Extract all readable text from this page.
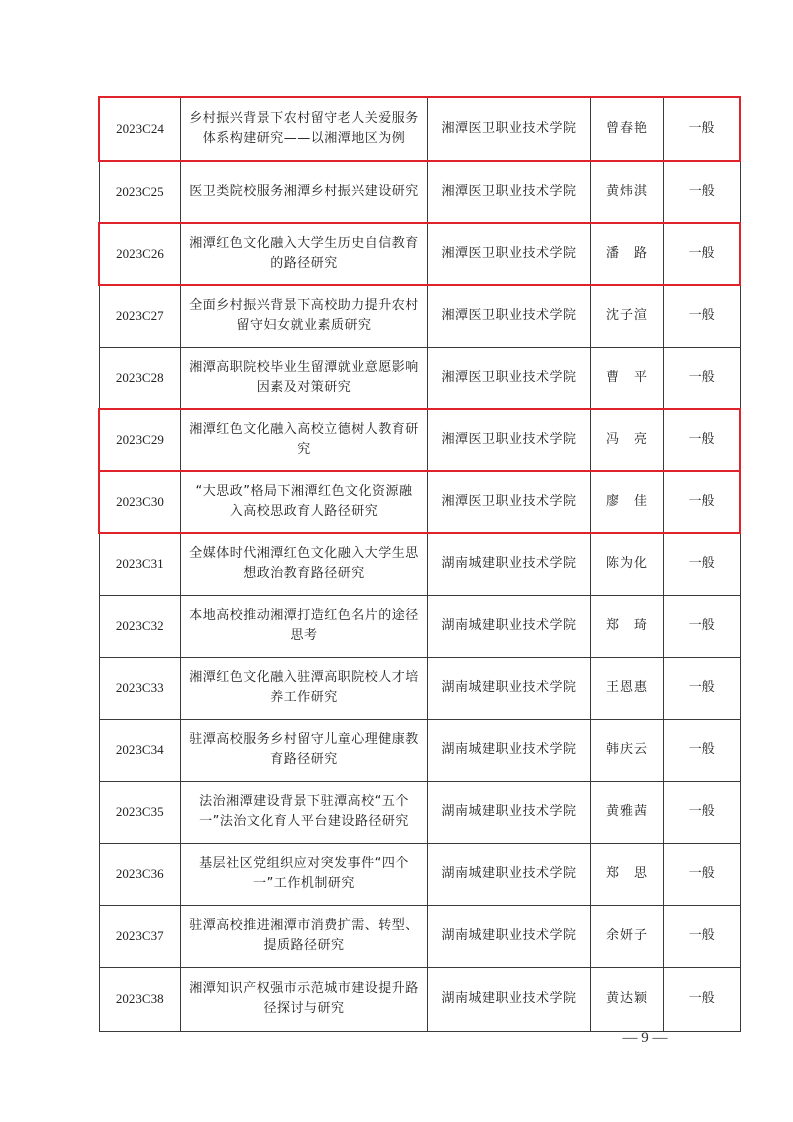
2023C24	乡村振兴背景下农村留守老人关爱服务体系构建研究——以湘潭地区为例	湘潭医卫职业技术学院	曾春艳	一般
2023C25	医卫类院校服务湘潭乡村振兴建设研究	湘潭医卫职业技术学院	黄炜淇	一般
2023C26	湘潭红色文化融入大学生历史自信教育的路径研究	湘潭医卫职业技术学院	潘　路	一般
2023C27	全面乡村振兴背景下高校助力提升农村留守妇女就业素质研究	湘潭医卫职业技术学院	沈子渲	一般
2023C28	湘潭高职院校毕业生留潭就业意愿影响因素及对策研究	湘潭医卫职业技术学院	曹　平	一般
2023C29	湘潭红色文化融入高校立德树人教育研究	湘潭医卫职业技术学院	冯　亮	一般
2023C30	“大思政”格局下湘潭红色文化资源融入高校思政育人路径研究	湘潭医卫职业技术学院	廖　佳	一般
2023C31	全媒体时代湘潭红色文化融入大学生思想政治教育路径研究	湖南城建职业技术学院	陈为化	一般
2023C32	本地高校推动湘潭打造红色名片的途径思考	湖南城建职业技术学院	郑　琦	一般
2023C33	湘潭红色文化融入驻潭高职院校人才培养工作研究	湖南城建职业技术学院	王恩惠	一般
2023C34	驻潭高校服务乡村留守儿童心理健康教育路径研究	湖南城建职业技术学院	韩庆云	一般
2023C35	法治湘潭建设背景下驻潭高校“五个一”法治文化育人平台建设路径研究	湖南城建职业技术学院	黄雅茜	一般
2023C36	基层社区党组织应对突发事件“四个一”工作机制研究	湖南城建职业技术学院	郑　思	一般
2023C37	驻潭高校推进湘潭市消费扩需、转型、提质路径研究	湖南城建职业技术学院	余妍子	一般
2023C38	湘潭知识产权强市示范城市建设提升路径探讨与研究	湖南城建职业技术学院	黄达颖	一般
— 9 —
